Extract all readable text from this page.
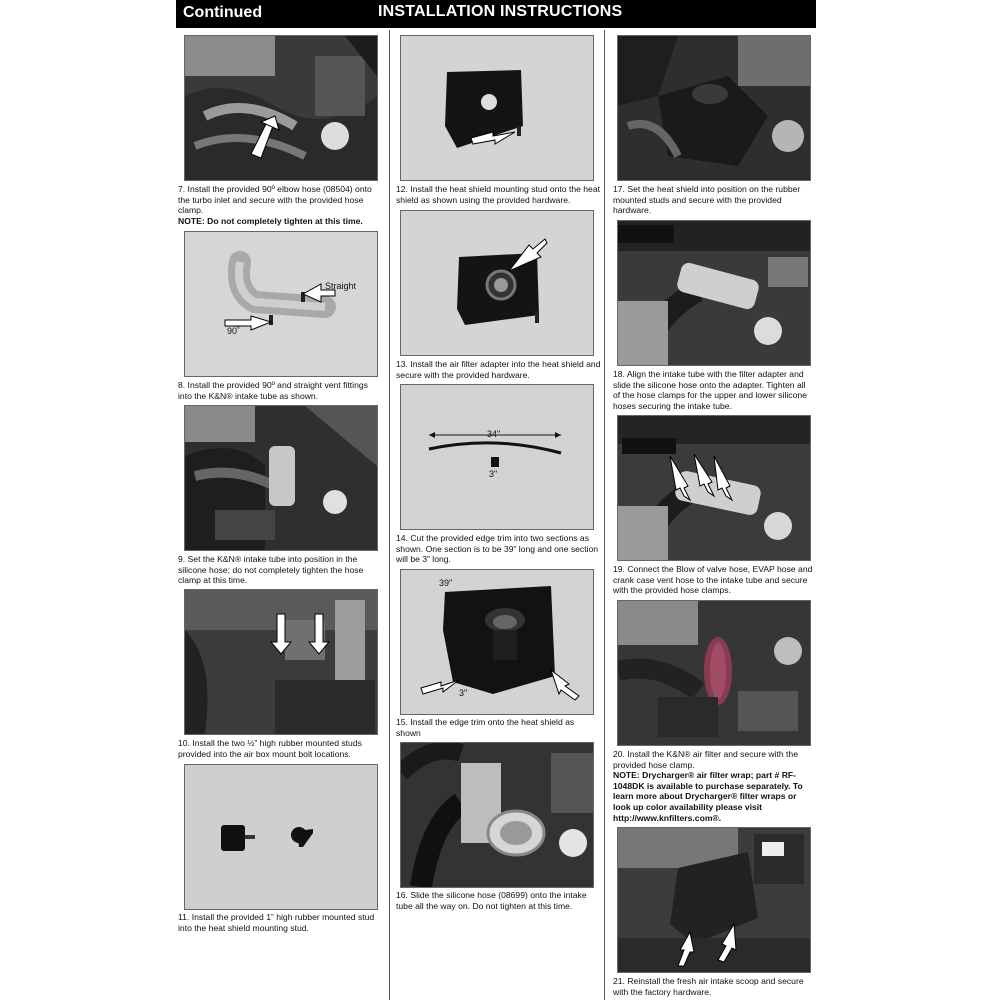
Continued	INSTALLATION INSTRUCTIONS
7. Install the provided 90º elbow hose (08504) onto the turbo inlet and secure with the provided hose clamp.
NOTE: Do not completely tighten at this time.
Straight
90˚
8. Install the provided 90º and straight vent fittings into the K&N® intake tube as shown.
9. Set the K&N® intake tube into position in the silicone hose; do not completely tighten the hose clamp at this time.
10. Install the two ½” high rubber mounted studs provided into the air box mount bolt locations.
11. Install the provided 1” high rubber mounted stud into the heat shield mounting stud.
12. Install the heat shield mounting stud onto the heat shield as shown using the provided hardware.
13. Install the air filter adapter into the heat shield and secure with the provided hardware.
34"
3"
14. Cut the provided edge trim into two sections as shown. One section is to be 39” long and one section will be 3” long.
39"
3"
15. Install the edge trim onto the heat shield as shown
16. Slide the silicone hose (08699) onto the intake tube all the way on. Do not tighten at this time.
17. Set the heat shield into position on the rubber mounted studs and secure with the provided hardware.
18. Align the intake tube with the filter adapter and slide the silicone hose onto the adapter. Tighten all of the hose clamps for the upper and lower silicone hoses securing the intake tube.
19. Connect the Blow of valve hose, EVAP hose and crank case vent hose to the intake tube and secure with the provided hose clamps.
20. Install the K&N® air filter and secure with the provided hose clamp.
NOTE: Drycharger® air filter wrap; part # RF-1048DK is available to purchase separately. To learn more about Drycharger® filter wraps or look up color availability please visit http://www.knfilters.com®.
21. Reinstall the fresh air intake scoop and secure with the factory hardware.
